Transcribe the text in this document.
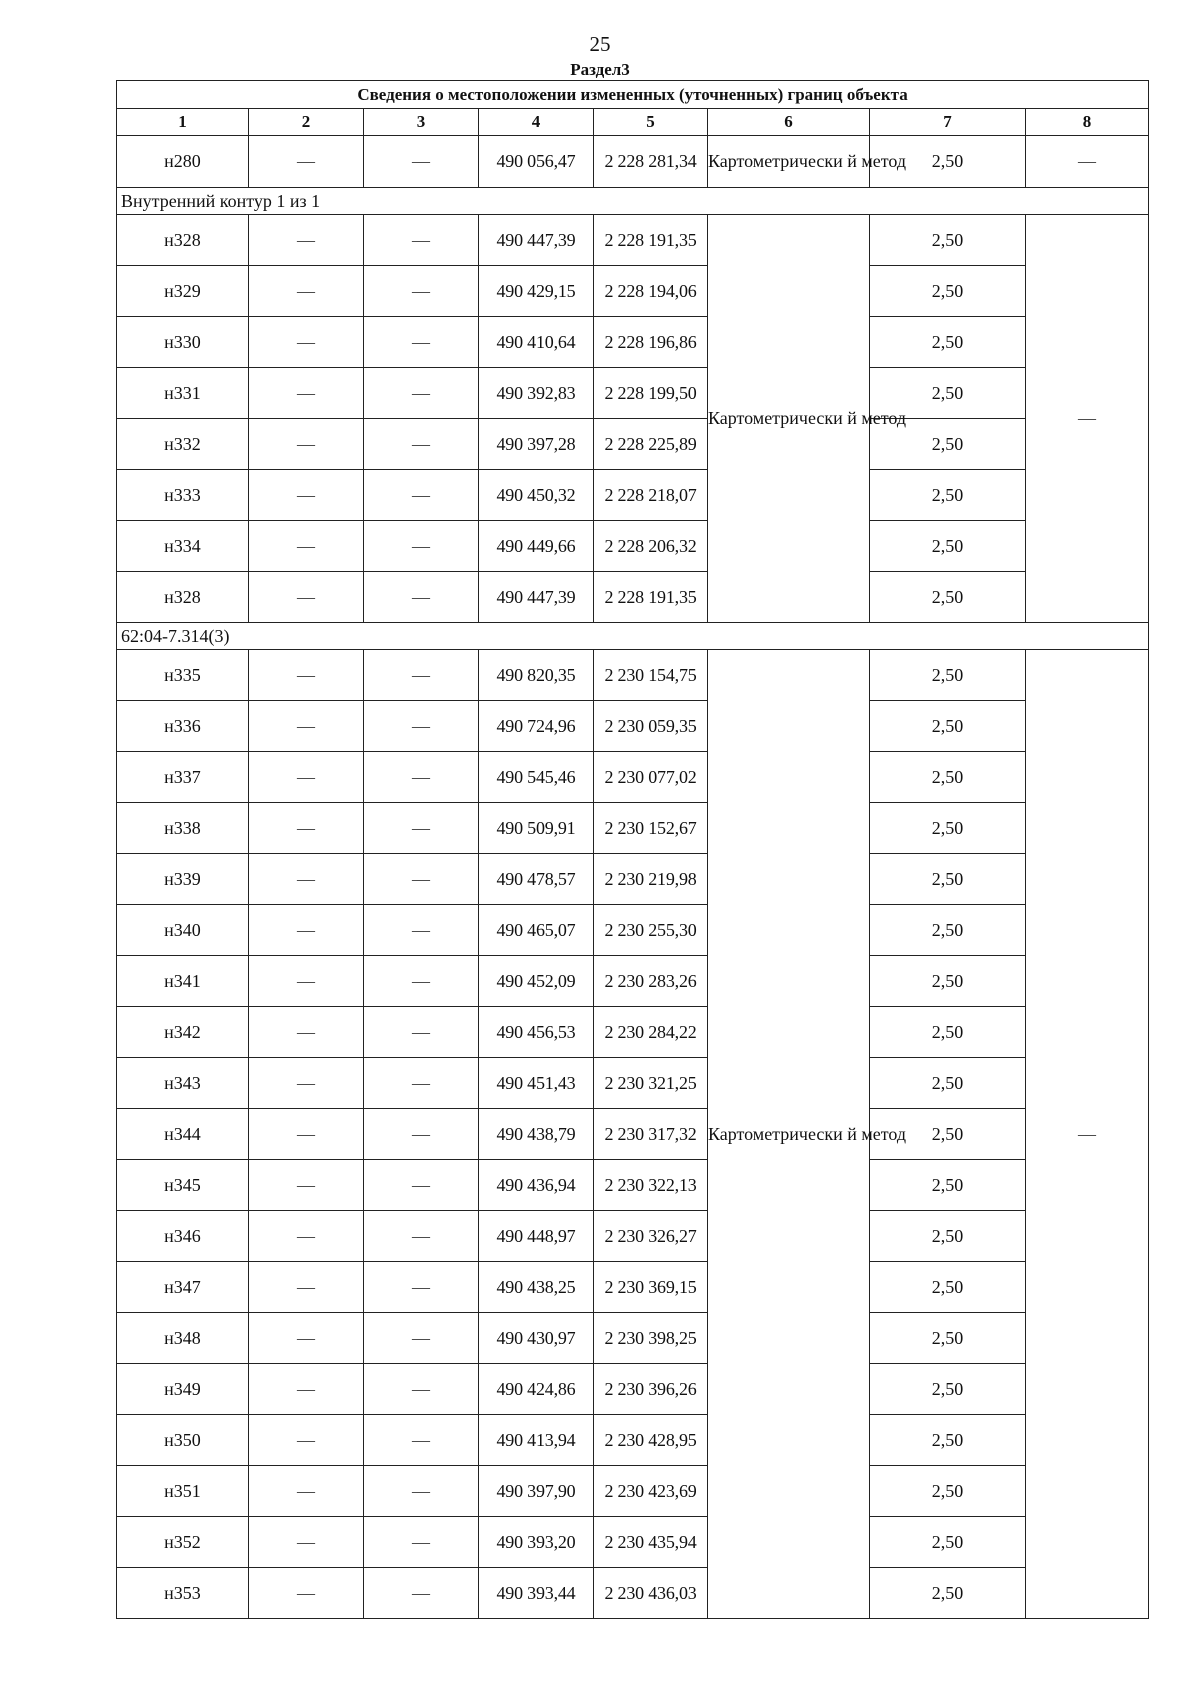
25
Раздел3
Сведения о местоположении измененных (уточненных) границ объекта							
1	2	3	4	5	6	7	8
н280	—	—	490 056,47	2 228 281,34	Картометрически й метод	2,50	—
Внутренний контур 1 из 1							
н328	—	—	490 447,39	2 228 191,35	Картометрически й метод	2,50	—
н329	—	—	490 429,15	2 228 194,06		2,50	
н330	—	—	490 410,64	2 228 196,86		2,50	
н331	—	—	490 392,83	2 228 199,50		2,50	
н332	—	—	490 397,28	2 228 225,89		2,50	
н333	—	—	490 450,32	2 228 218,07		2,50	
н334	—	—	490 449,66	2 228 206,32		2,50	
н328	—	—	490 447,39	2 228 191,35		2,50	
62:04-7.314(3)							
н335	—	—	490 820,35	2 230 154,75	Картометрически й метод	2,50	—
н336	—	—	490 724,96	2 230 059,35		2,50	
н337	—	—	490 545,46	2 230 077,02		2,50	
н338	—	—	490 509,91	2 230 152,67		2,50	
н339	—	—	490 478,57	2 230 219,98		2,50	
н340	—	—	490 465,07	2 230 255,30		2,50	
н341	—	—	490 452,09	2 230 283,26		2,50	
н342	—	—	490 456,53	2 230 284,22		2,50	
н343	—	—	490 451,43	2 230 321,25		2,50	
н344	—	—	490 438,79	2 230 317,32		2,50	
н345	—	—	490 436,94	2 230 322,13		2,50	
н346	—	—	490 448,97	2 230 326,27		2,50	
н347	—	—	490 438,25	2 230 369,15		2,50	
н348	—	—	490 430,97	2 230 398,25		2,50	
н349	—	—	490 424,86	2 230 396,26		2,50	
н350	—	—	490 413,94	2 230 428,95		2,50	
н351	—	—	490 397,90	2 230 423,69		2,50	
н352	—	—	490 393,20	2 230 435,94		2,50	
н353	—	—	490 393,44	2 230 436,03		2,50	
